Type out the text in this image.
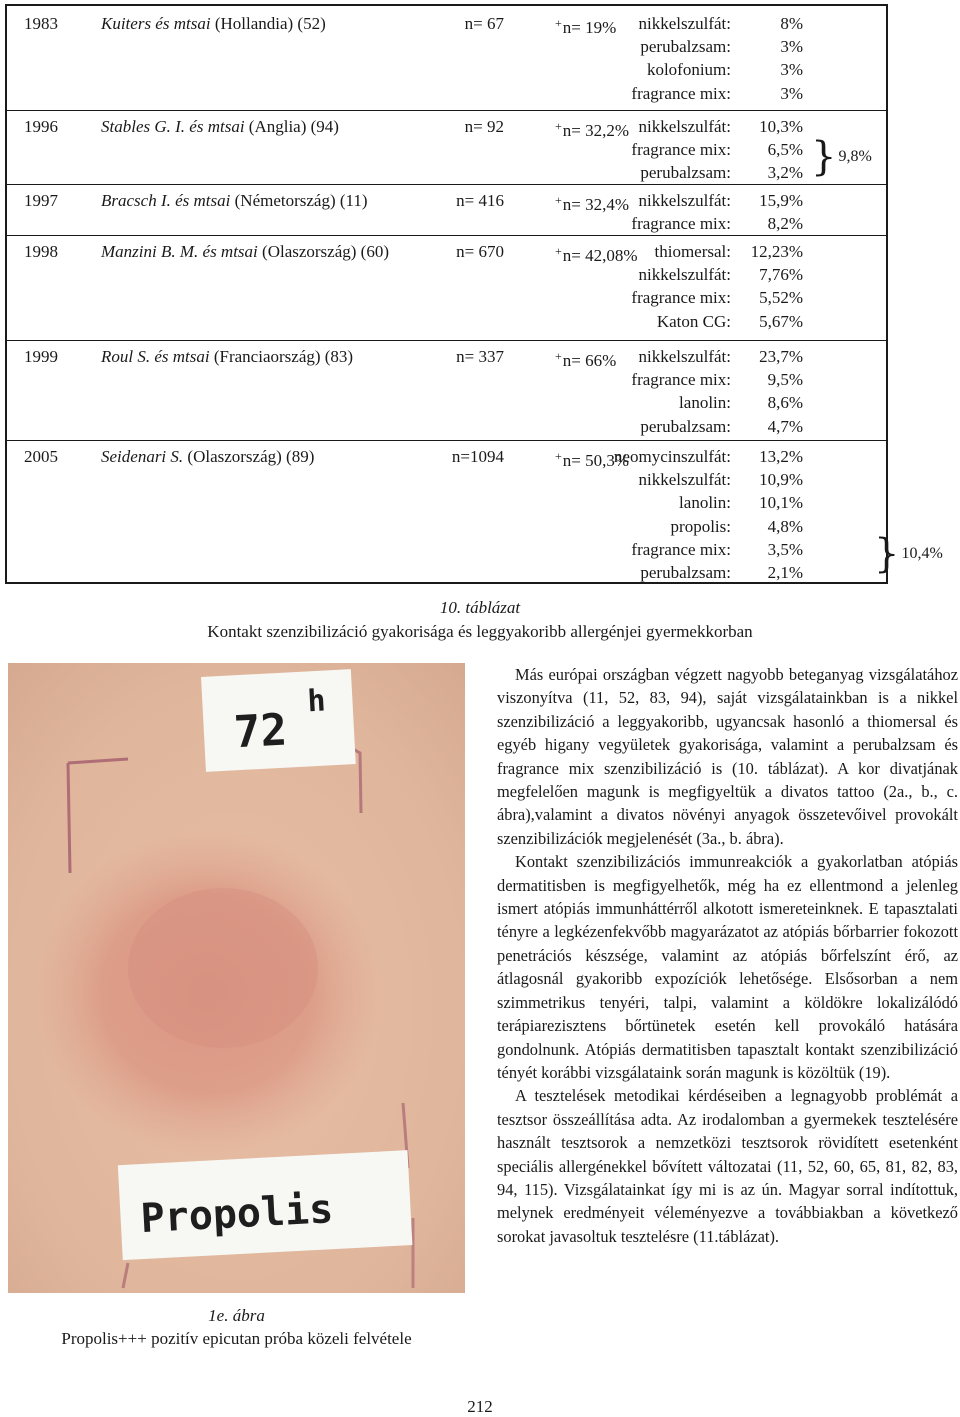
1983	Kuiters és mtsai (Hollandia) (52)	n= 67	+n= 19% nikkelszulfát:	8%
perubalzsam:	3%
kolofonium:	3%
fragrance mix:	3%
1996	Stables G. I. és mtsai (Anglia) (94)	n= 92	+n= 32,2% nikkelszulfát:	10,3%
fragrance mix:	6,5%
perubalzsam:	3,2% } 9,8%
1997	Bracsch I. és mtsai (Németország) (11)	n= 416	+n= 32,4% nikkelszulfát:	15,9%
fragrance mix:	8,2%
1998	Manzini B. M. és mtsai (Olaszország) (60)	n= 670	+n= 42,08% thiomersal:	12,23%
nikkelszulfát:	7,76%
fragrance mix:	5,52%
Katon CG:	5,67%
1999	Roul S. és mtsai (Franciaország) (83)	n= 337	+n= 66% nikkelszulfát:	23,7%
fragrance mix:	9,5%
lanolin:	8,6%
perubalzsam:	4,7%
2005	Seidenari S. (Olaszország) (89)	n=1094	+n= 50,3%
neomycinszulfát:	13,2%
nikkelszulfát:	10,9%
lanolin:	10,1%
propolis:	4,8%
fragrance mix:	3,5%
perubalzsam:	2,1% } 10,4%
10. táblázat
Kontakt szenzibilizáció gyakorisága és leggyakoribb allergénjei gyermekkorban
72
h
Propolis
1e. ábra
Propolis+++ pozitív epicutan próba közeli felvétele

Más európai országban végzett nagyobb beteganyag vizsgálatához viszonyítva (11, 52, 83, 94), saját vizsgálatainkban is a nikkel szenzibilizáció a leggyakoribb, ugyancsak hasonló a thiomersal és egyéb higany vegyületek gyakorisága, valamint a perubalzsam és fragrance mix szenzibilizáció is (10. táblázat). A kor divatjának megfelelően magunk is megfigyeltük a divatos tattoo (2a., b., c. ábra),valamint a divatos növényi anyagok összetevőivel provokált szenzibilizációk megjelenését (3a., b. ábra).

Kontakt szenzibilizációs immunreakciók a gyakorlatban atópiás dermatitisben is megfigyelhetők, még ha ez ellentmond a jelenleg ismert atópiás immunháttérről alkotott ismereteinknek. E tapasztalati tényre a legkézenfekvőbb magyarázatot az atópiás bőrbarrier fokozott penetrációs készsége, valamint az atópiás bőrfelszínt érő, az átlagosnál gyakoribb expozíciók lehetősége. Elsősorban a nem szimmetrikus tenyéri, talpi, valamint a köldökre lokalizálódó terápiarezisztens bőrtünetek esetén kell provokáló hatására gondolnunk. Atópiás dermatitisben tapasztalt kontakt szenzibilizáció tényét korábbi vizsgálataink során magunk is közöltük (19).

A tesztelések metodikai kérdéseiben a legnagyobb problémát a tesztsor összeállítása adta. Az irodalomban a gyermekek tesztelésére használt tesztsorok a nemzetközi tesztsorok rövidített esetenként speciális allergénekkel bővített változatai (11, 52, 60, 65, 81, 82, 83, 94, 115). Vizsgálatainkat így mi is az ún. Magyar sorral indítottuk, melynek eredményeit véleményezve a továbbiakban a következő sorokat javasoltuk tesztelésre (11.táblázat).

212
